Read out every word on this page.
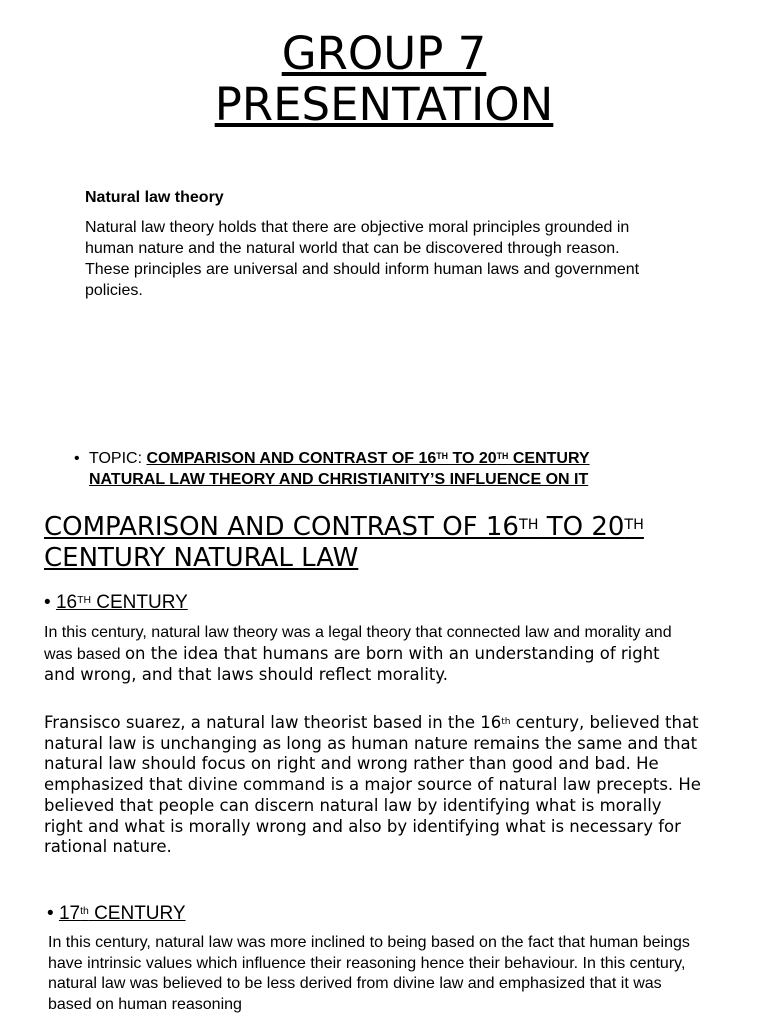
GROUP 7
PRESENTATION
Natural law theory
Natural law theory holds that there are objective moral principles grounded in human nature and the natural world that can be discovered through reason. These principles are universal and should inform human laws and government policies.
• TOPIC: COMPARISON AND CONTRAST OF 16TH TO 20TH CENTURY NATURAL LAW THEORY AND CHRISTIANITY’S INFLUENCE ON IT
COMPARISON AND CONTRAST OF 16TH TO 20TH CENTURY NATURAL LAW
• 16TH CENTURY
In this century, natural law theory was a legal theory that connected law and morality and was based on the idea that humans are born with an understanding of right and wrong, and that laws should reflect morality.
Fransisco suarez, a natural law theorist based in the 16th century, believed that natural law is unchanging as long as human nature remains the same and that natural law should focus on right and wrong rather than good and bad. He emphasized that divine command is a major source of natural law precepts. He believed that people can discern natural law by identifying what is morally right and what is morally wrong and also by identifying what is necessary for rational nature.
• 17th CENTURY
In this century, natural law was more inclined to being based on the fact that human beings have intrinsic values which influence their reasoning hence their behaviour. In this century, natural law was believed to be less derived from divine law and emphasized that it was based on human reasoning
